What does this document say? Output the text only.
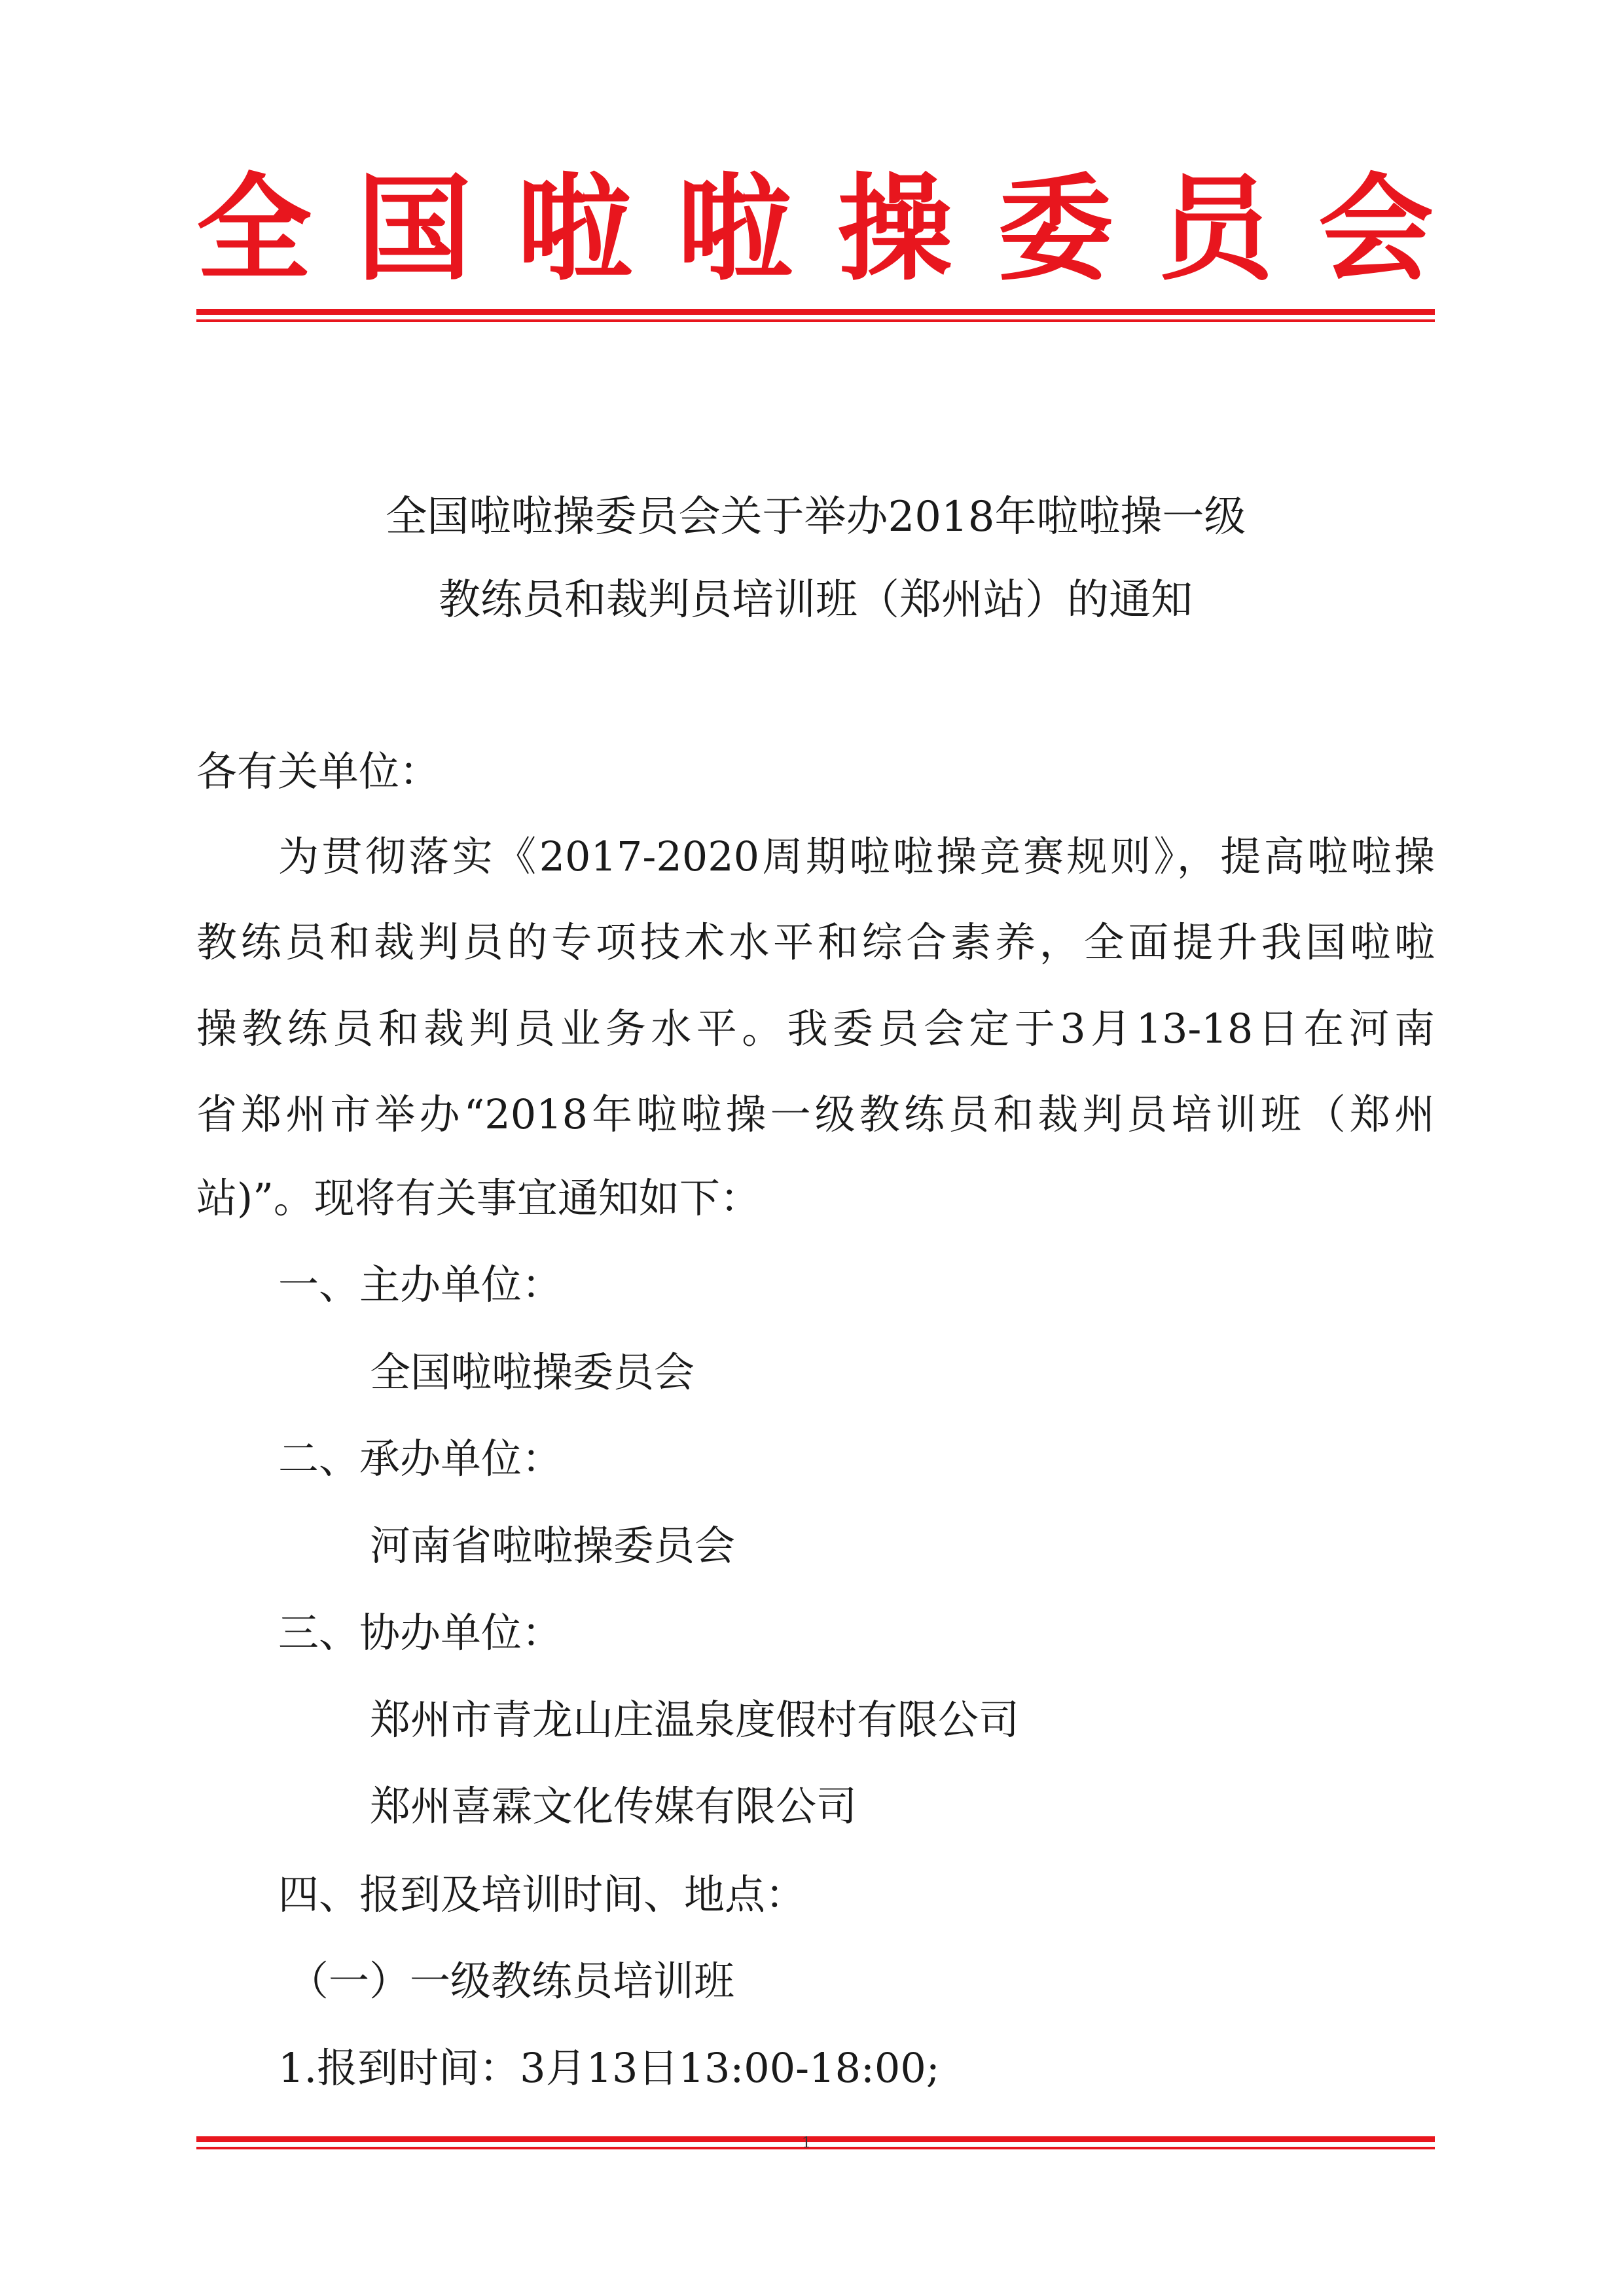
全 国 啦 啦 操 委 员 会
全国啦啦操委员会关于举办2018年啦啦操一级
教练员和裁判员培训班（郑州站）的通知
各有关单位：
为贯彻落实《2017-2020周期啦啦操竞赛规则》，提高啦啦操
教练员和裁判员的专项技术水平和综合素养，全面提升我国啦啦
操教练员和裁判员业务水平。我委员会定于3月13-18日在河南
省郑州市举办“2018年啦啦操一级教练员和裁判员培训班（郑州
站)”。现将有关事宜通知如下：
一、主办单位：
全国啦啦操委员会
二、承办单位：
河南省啦啦操委员会
三、协办单位：
郑州市青龙山庄温泉度假村有限公司
郑州喜霖文化传媒有限公司
四、报到及培训时间、地点：
（一）一级教练员培训班
1.报到时间：3月13日13:00-18:00;
1
